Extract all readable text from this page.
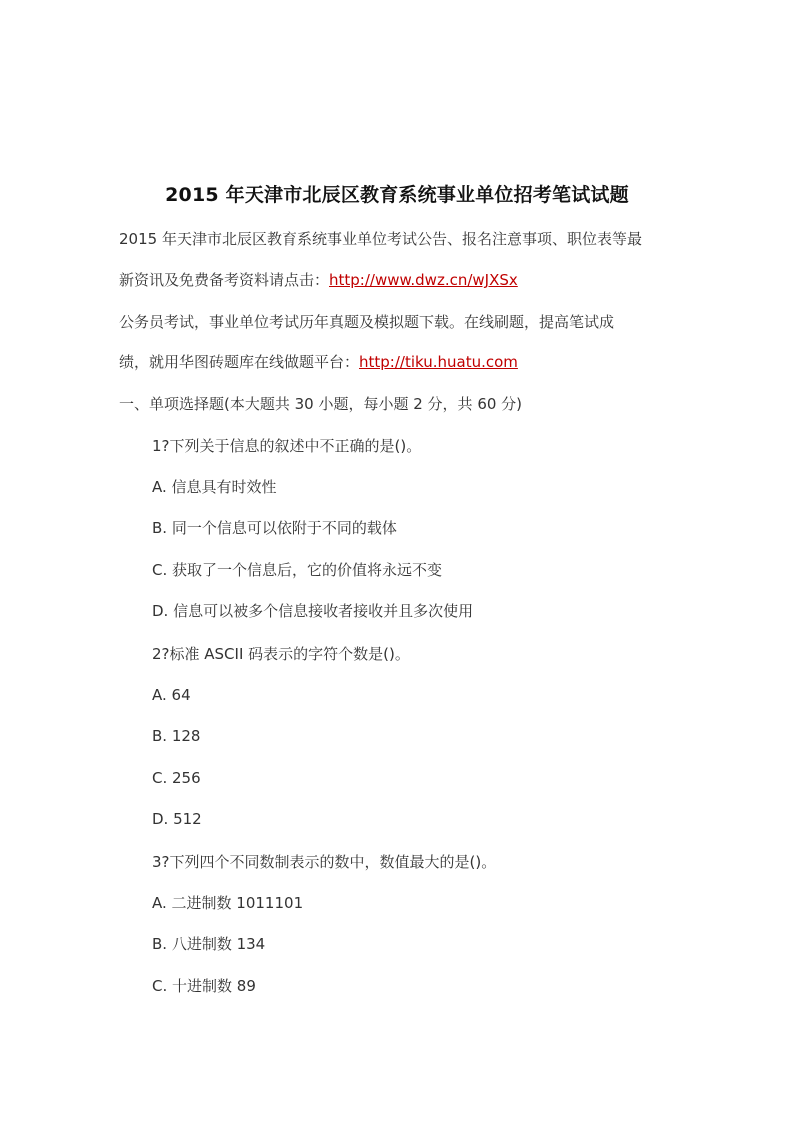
2015 年天津市北辰区教育系统事业单位招考笔试试题
2015 年天津市北辰区教育系统事业单位考试公告、报名注意事项、职位表等最
新资讯及免费备考资料请点击：http://www.dwz.cn/wJXSx
公务员考试，事业单位考试历年真题及模拟题下载。在线刷题，提高笔试成
绩，就用华图砖题库在线做题平台：http://tiku.huatu.com
一、单项选择题(本大题共 30 小题，每小题 2 分，共 60 分)
1?下列关于信息的叙述中不正确的是()。
A. 信息具有时效性
B. 同一个信息可以依附于不同的载体
C. 获取了一个信息后，它的价值将永远不变
D. 信息可以被多个信息接收者接收并且多次使用
2?标准 ASCII 码表示的字符个数是()。
A. 64
B. 128
C. 256
D. 512
3?下列四个不同数制表示的数中，数值最大的是()。
A. 二进制数 1011101
B. 八进制数 134
C. 十进制数 89
